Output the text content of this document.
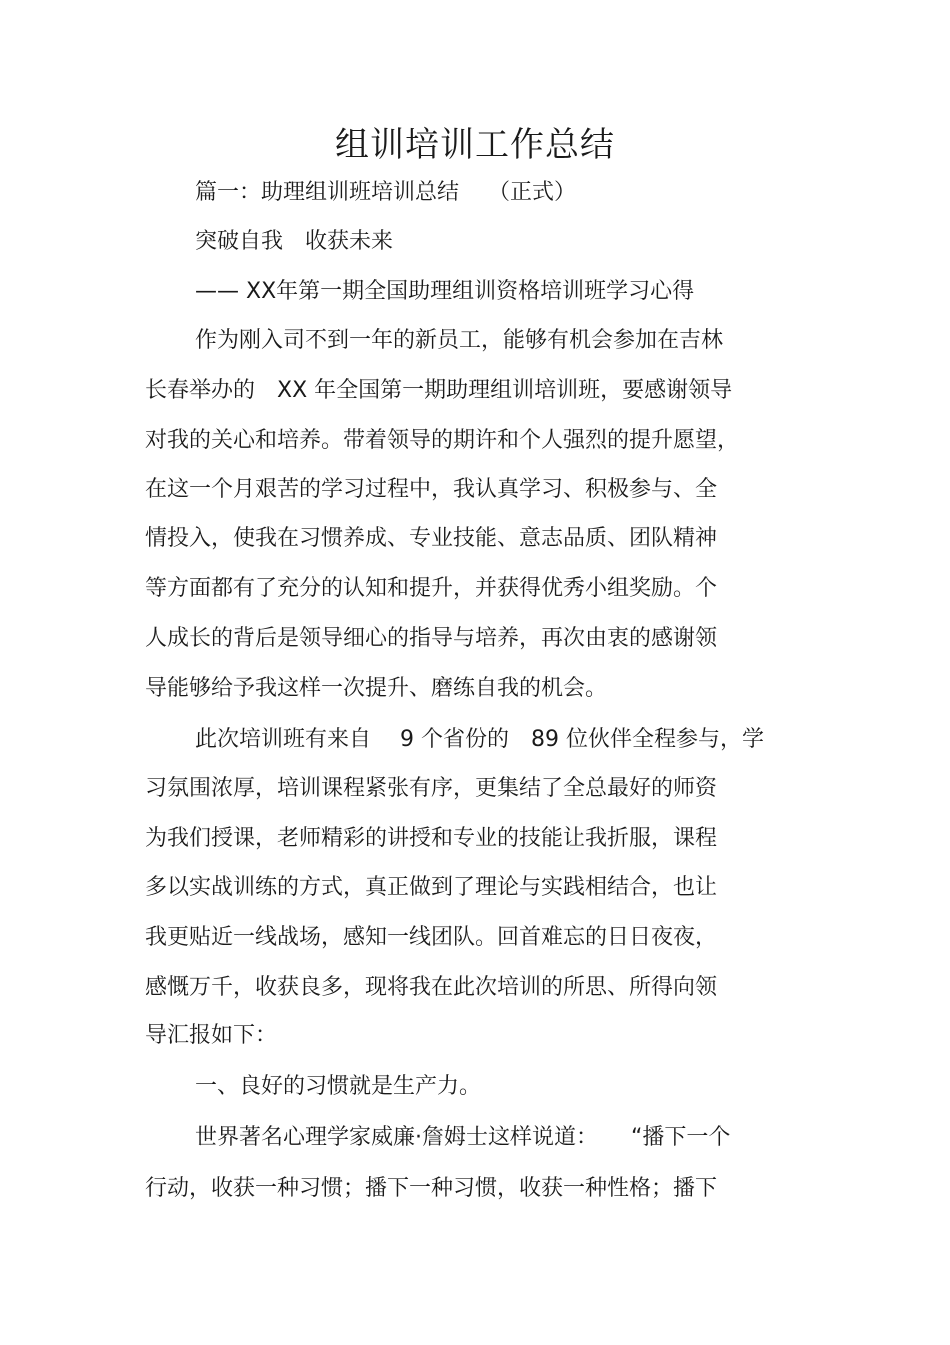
组训培训工作总结
篇一：助理组训班培训总结　 （正式）
突破自我　收获未来
—— XX年第一期全国助理组训资格培训班学习心得
作为刚入司不到一年的新员工，能够有机会参加在吉林
长春举办的　XX 年全国第一期助理组训培训班，要感谢领导
对我的关心和培养。带着领导的期许和个人强烈的提升愿望，
在这一个月艰苦的学习过程中，我认真学习、积极参与、全
情投入，使我在习惯养成、专业技能、意志品质、团队精神
等方面都有了充分的认知和提升，并获得优秀小组奖励。个
人成长的背后是领导细心的指导与培养，再次由衷的感谢领
导能够给予我这样一次提升、磨练自我的机会。
此次培训班有来自　 9 个省份的　89 位伙伴全程参与，学
习氛围浓厚，培训课程紧张有序，更集结了全总最好的师资
为我们授课，老师精彩的讲授和专业的技能让我折服，课程
多以实战训练的方式，真正做到了理论与实践相结合，也让
我更贴近一线战场，感知一线团队。回首难忘的日日夜夜，
感慨万千，收获良多，现将我在此次培训的所思、所得向领
导汇报如下：
一、良好的习惯就是生产力。
世界著名心理学家威廉·詹姆士这样说道：　　“播下一个
行动，收获一种习惯；播下一种习惯，收获一种性格；播下
